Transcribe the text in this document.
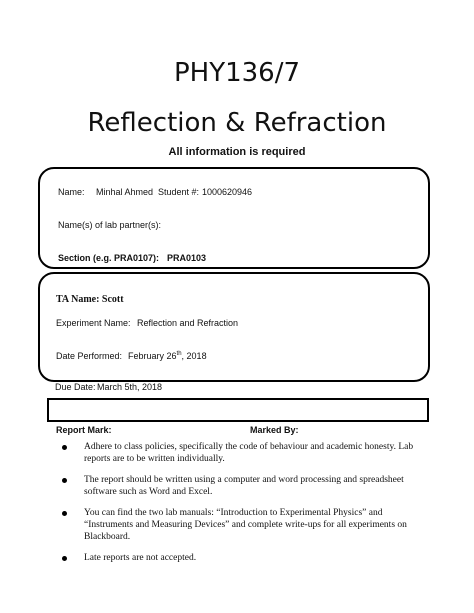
PHY136/7
Reflection & Refraction
All information is required
Name: Minhal Ahmed Student #: 1000620946
Name(s) of lab partner(s):
Section (e.g. PRA0107): PRA0103
TA Name: Scott
Experiment Name: Reflection and Refraction
Date Performed: February 26th, 2018
Due Date: March 5th, 2018
Report Mark:	Marked By:
Adhere to class policies, specifically the code of behaviour and academic honesty. Lab reports are to be written individually.
The report should be written using a computer and word processing and spreadsheet software such as Word and Excel.
You can find the two lab manuals: “Introduction to Experimental Physics” and “Instruments and Measuring Devices” and complete write-ups for all experiments on Blackboard.
Late reports are not accepted.
